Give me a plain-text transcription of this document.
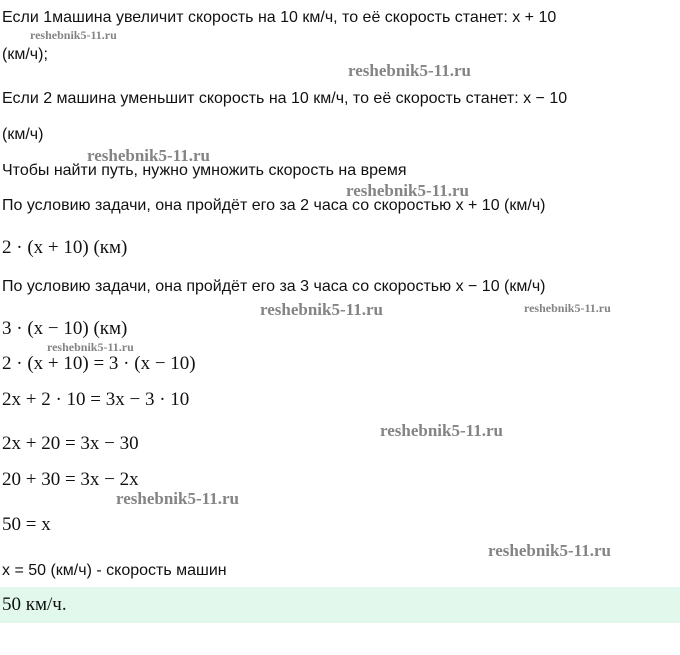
Если 1машина увеличит скорость на 10 км/ч, то её скорость станет: x + 10
(км/ч);
Если 2 машина уменьшит скорость на 10 км/ч, то её скорость станет: x − 10
(км/ч)
Чтобы найти путь, нужно умножить скорость на время
По условию задачи, она пройдёт его за 2 часа со скоростью x + 10 (км/ч)
2 · (x + 10) (км)
По условию задачи, она пройдёт его за 3 часа со скоростью x − 10 (км/ч)
3 · (x − 10) (км)
2 · (x + 10) = 3 · (x − 10)
2x + 2 · 10 = 3x − 3 · 10
2x + 20 = 3x − 30
20 + 30 = 3x − 2x
50 = x
x = 50 (км/ч) - скорость машин
50 км/ч.
reshebnik5-11.ru
reshebnik5-11.ru
reshebnik5-11.ru
reshebnik5-11.ru
reshebnik5-11.ru	reshebnik5-11.ru
reshebnik5-11.ru
reshebnik5-11.ru
reshebnik5-11.ru
reshebnik5-11.ru
